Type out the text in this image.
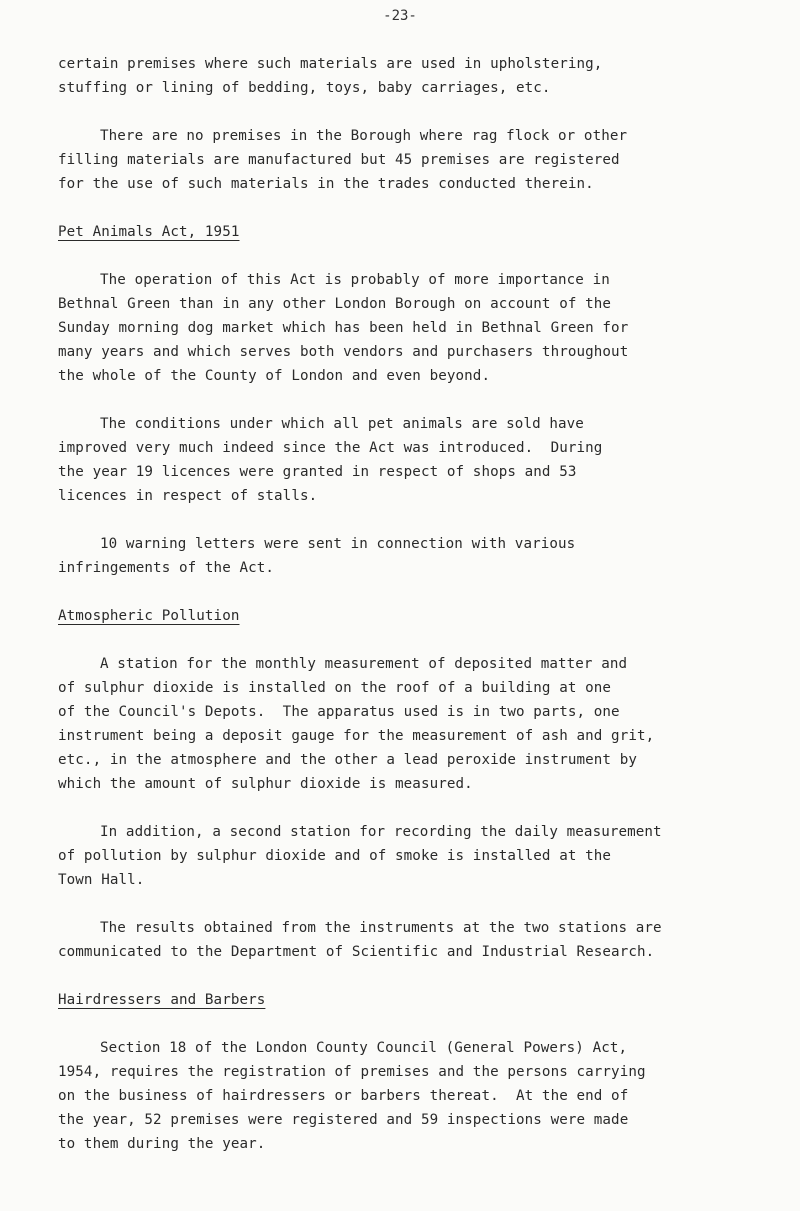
-23-

certain premises where such materials are used in upholstering,
stuffing or lining of bedding, toys, baby carriages, etc.

There are no premises in the Borough where rag flock or other
filling materials are manufactured but 45 premises are registered
for the use of such materials in the trades conducted therein.

Pet Animals Act, 1951

The operation of this Act is probably of more importance in
Bethnal Green than in any other London Borough on account of the
Sunday morning dog market which has been held in Bethnal Green for
many years and which serves both vendors and purchasers throughout
the whole of the County of London and even beyond.

The conditions under which all pet animals are sold have
improved very much indeed since the Act was introduced.  During
the year 19 licences were granted in respect of shops and 53
licences in respect of stalls.

10 warning letters were sent in connection with various
infringements of the Act.

Atmospheric Pollution

A station for the monthly measurement of deposited matter and
of sulphur dioxide is installed on the roof of a building at one
of the Council's Depots.  The apparatus used is in two parts, one
instrument being a deposit gauge for the measurement of ash and grit,
etc., in the atmosphere and the other a lead peroxide instrument by
which the amount of sulphur dioxide is measured.

In addition, a second station for recording the daily measurement
of pollution by sulphur dioxide and of smoke is installed at the
Town Hall.

The results obtained from the instruments at the two stations are
communicated to the Department of Scientific and Industrial Research.

Hairdressers and Barbers

Section 18 of the London County Council (General Powers) Act,
1954, requires the registration of premises and the persons carrying
on the business of hairdressers or barbers thereat.  At the end of
the year, 52 premises were registered and 59 inspections were made
to them during the year.
